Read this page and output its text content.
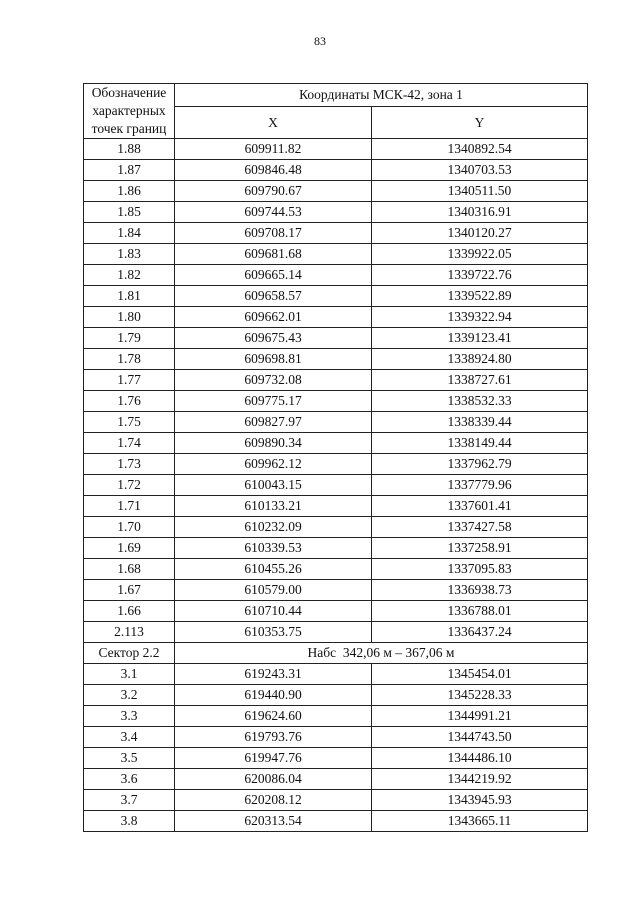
83
Обозначение
характерных
точек границ	Координаты МСК-42, зона 1	
	X	Y
1.88	609911.82	1340892.54
1.87	609846.48	1340703.53
1.86	609790.67	1340511.50
1.85	609744.53	1340316.91
1.84	609708.17	1340120.27
1.83	609681.68	1339922.05
1.82	609665.14	1339722.76
1.81	609658.57	1339522.89
1.80	609662.01	1339322.94
1.79	609675.43	1339123.41
1.78	609698.81	1338924.80
1.77	609732.08	1338727.61
1.76	609775.17	1338532.33
1.75	609827.97	1338339.44
1.74	609890.34	1338149.44
1.73	609962.12	1337962.79
1.72	610043.15	1337779.96
1.71	610133.21	1337601.41
1.70	610232.09	1337427.58
1.69	610339.53	1337258.91
1.68	610455.26	1337095.83
1.67	610579.00	1336938.73
1.66	610710.44	1336788.01
2.113	610353.75	1336437.24
Сектор 2.2	Набс  342,06 м – 367,06 м	
3.1	619243.31	1345454.01
3.2	619440.90	1345228.33
3.3	619624.60	1344991.21
3.4	619793.76	1344743.50
3.5	619947.76	1344486.10
3.6	620086.04	1344219.92
3.7	620208.12	1343945.93
3.8	620313.54	1343665.11
